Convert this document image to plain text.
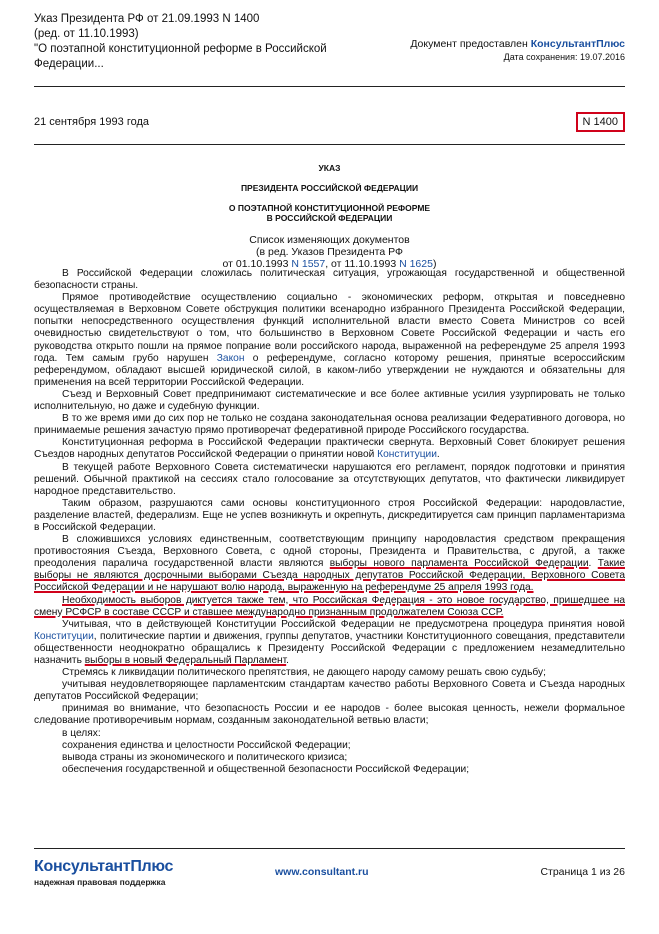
Указ Президента РФ от 21.09.1993 N 1400
(ред. от 11.10.1993)
"О поэтапной конституционной реформе в Российской
Федерации...
Документ предоставлен КонсультантПлюс
Дата сохранения: 19.07.2016
21 сентября 1993 года	N 1400
УКАЗ
ПРЕЗИДЕНТА РОССИЙСКОЙ ФЕДЕРАЦИИ
О ПОЭТАПНОЙ КОНСТИТУЦИОННОЙ РЕФОРМЕ
В РОССИЙСКОЙ ФЕДЕРАЦИИ
Список изменяющих документов
(в ред. Указов Президента РФ
от 01.10.1993 N 1557, от 11.10.1993 N 1625)

В Российской Федерации сложилась политическая ситуация, угрожающая государственной и общественной безопасности страны.

Прямое противодействие осуществлению социально - экономических реформ, открытая и повседневно осуществляемая в Верховном Совете обструкция политики всенародно избранного Президента Российской Федерации, попытки непосредственного осуществления функций исполнительной власти вместо Совета Министров со всей очевидностью свидетельствуют о том, что большинство в Верховном Совете Российской Федерации и часть его руководства открыто пошли на прямое попрание воли российского народа, выраженной на референдуме 25 апреля 1993 года. Тем самым грубо нарушен Закон о референдуме, согласно которому решения, принятые всероссийским референдумом, обладают высшей юридической силой, в каком-либо утверждении не нуждаются и обязательны для применения на всей территории Российской Федерации.

Съезд и Верховный Совет предпринимают систематические и все более активные усилия узурпировать не только исполнительную, но даже и судебную функции.

В то же время ими до сих пор не только не создана законодательная основа реализации Федеративного договора, но принимаемые решения зачастую прямо противоречат федеративной природе Российского государства.

Конституционная реформа в Российской Федерации практически свернута. Верховный Совет блокирует решения Съездов народных депутатов Российской Федерации о принятии новой Конституции.

В текущей работе Верховного Совета систематически нарушаются его регламент, порядок подготовки и принятия решений. Обычной практикой на сессиях стало голосование за отсутствующих депутатов, что фактически ликвидирует народное представительство.

Таким образом, разрушаются сами основы конституционного строя Российской Федерации: народовластие, разделение властей, федерализм. Еще не успев возникнуть и окрепнуть, дискредитируется сам принцип парламентаризма в Российской Федерации.

В сложившихся условиях единственным, соответствующим принципу народовластия средством прекращения противостояния Съезда, Верховного Совета, с одной стороны, Президента и Правительства, с другой, а также преодоления паралича государственной власти являются выборы нового парламента Российской Федерации. Такие выборы не являются досрочными выборами Съезда народных депутатов Российской Федерации, Верховного Совета Российской Федерации и не нарушают волю народа, выраженную на референдуме 25 апреля 1993 года.

Необходимость выборов диктуется также тем, что Российская Федерация - это новое государство, пришедшее на смену РСФСР в составе СССР и ставшее международно признанным продолжателем Союза ССР.

Учитывая, что в действующей Конституции Российской Федерации не предусмотрена процедура принятия новой Конституции, политические партии и движения, группы депутатов, участники Конституционного совещания, представители общественности неоднократно обращались к Президенту Российской Федерации с предложением незамедлительно назначить выборы в новый Федеральный Парламент.

Стремясь к ликвидации политического препятствия, не дающего народу самому решать свою судьбу;

учитывая неудовлетворяющее парламентским стандартам качество работы Верховного Совета и Съезда народных депутатов Российской Федерации;

принимая во внимание, что безопасность России и ее народов - более высокая ценность, нежели формальное следование противоречивым нормам, созданным законодательной ветвью власти;

в целях:

сохранения единства и целостности Российской Федерации;

вывода страны из экономического и политического кризиса;

обеспечения государственной и общественной безопасности Российской Федерации;

КонсультантПлюс
надежная правовая поддержка
www.consultant.ru	Страница 1 из 26
